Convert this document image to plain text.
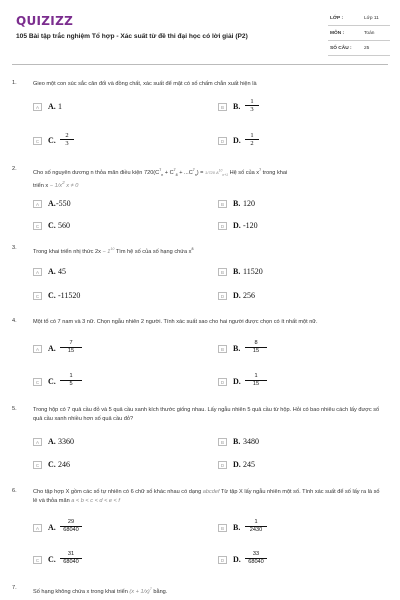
QUIZIZZ
105 Bài tập trắc nghiệm Tổ hợp - Xác suất từ đề thi đại học có lời giải (P2)
LỚP :	Lớp 11
MÔN :	Toán
SỐ CÂU :	25
1.	Gieo một con súc sắc cân đối và đồng chất, xác suất để mặt có số chấm chẵn xuất hiện là
A	A. 1	B	B.
1
3
C	C.
2
3	D	D.
1
2
2.
Cho số nguyên dương n thỏa mãn điều kiện $720(C^7_n + C^7_8 + ...C^7_n) = 1/720$ $A^{10}_{n+1}$ Hệ số của $x^7$ trong khai
triển $x - 1/x^2$ x ≠ 0
A	A. -550	B	B. 120
C	C. 560	D	D. -120
3.
Trong khai triển nhị thức $2x - 1^{10}$ Tìm hệ số của số hạng chứa $x^8$
A	A. 45	B	B. 11520
C	C. -11520	D	D. 256
4.	Một tổ có 7 nam và 3 nữ. Chọn ngẫu nhiên 2 người. Tính xác suất sao cho hai người được chọn có ít nhất một nữ.
A	A.
7
15	B	B.
8
15
C	C.
1
5	D	D.
1
15
5.	Trong hộp có 7 quả cầu đỏ và 5 quả cầu xanh kích thước giống nhau. Lấy ngẫu nhiên 5 quả cầu từ hộp. Hỏi có bao nhiêu cách lấy được số quả cầu xanh nhiều hơn số quả cầu đỏ?
A	A. 3360	B	B. 3480
C	C. 246	D	D. 245
6.	Cho tập hợp X gồm các số tự nhiên có 6 chữ số khác nhau có dạng abcdef Từ tập X lấy ngẫu nhiên một số. Tính xác suất để số lấy ra là số lẻ và thỏa mãn a < b < c < d < e < f
A	A.
29
68040	B	B.
1
2430
C	C.
31
68040	D	D.
33
68040
7.
Số hạng không chứa x trong khai triển $(x + 1/x)^7$ bằng.
